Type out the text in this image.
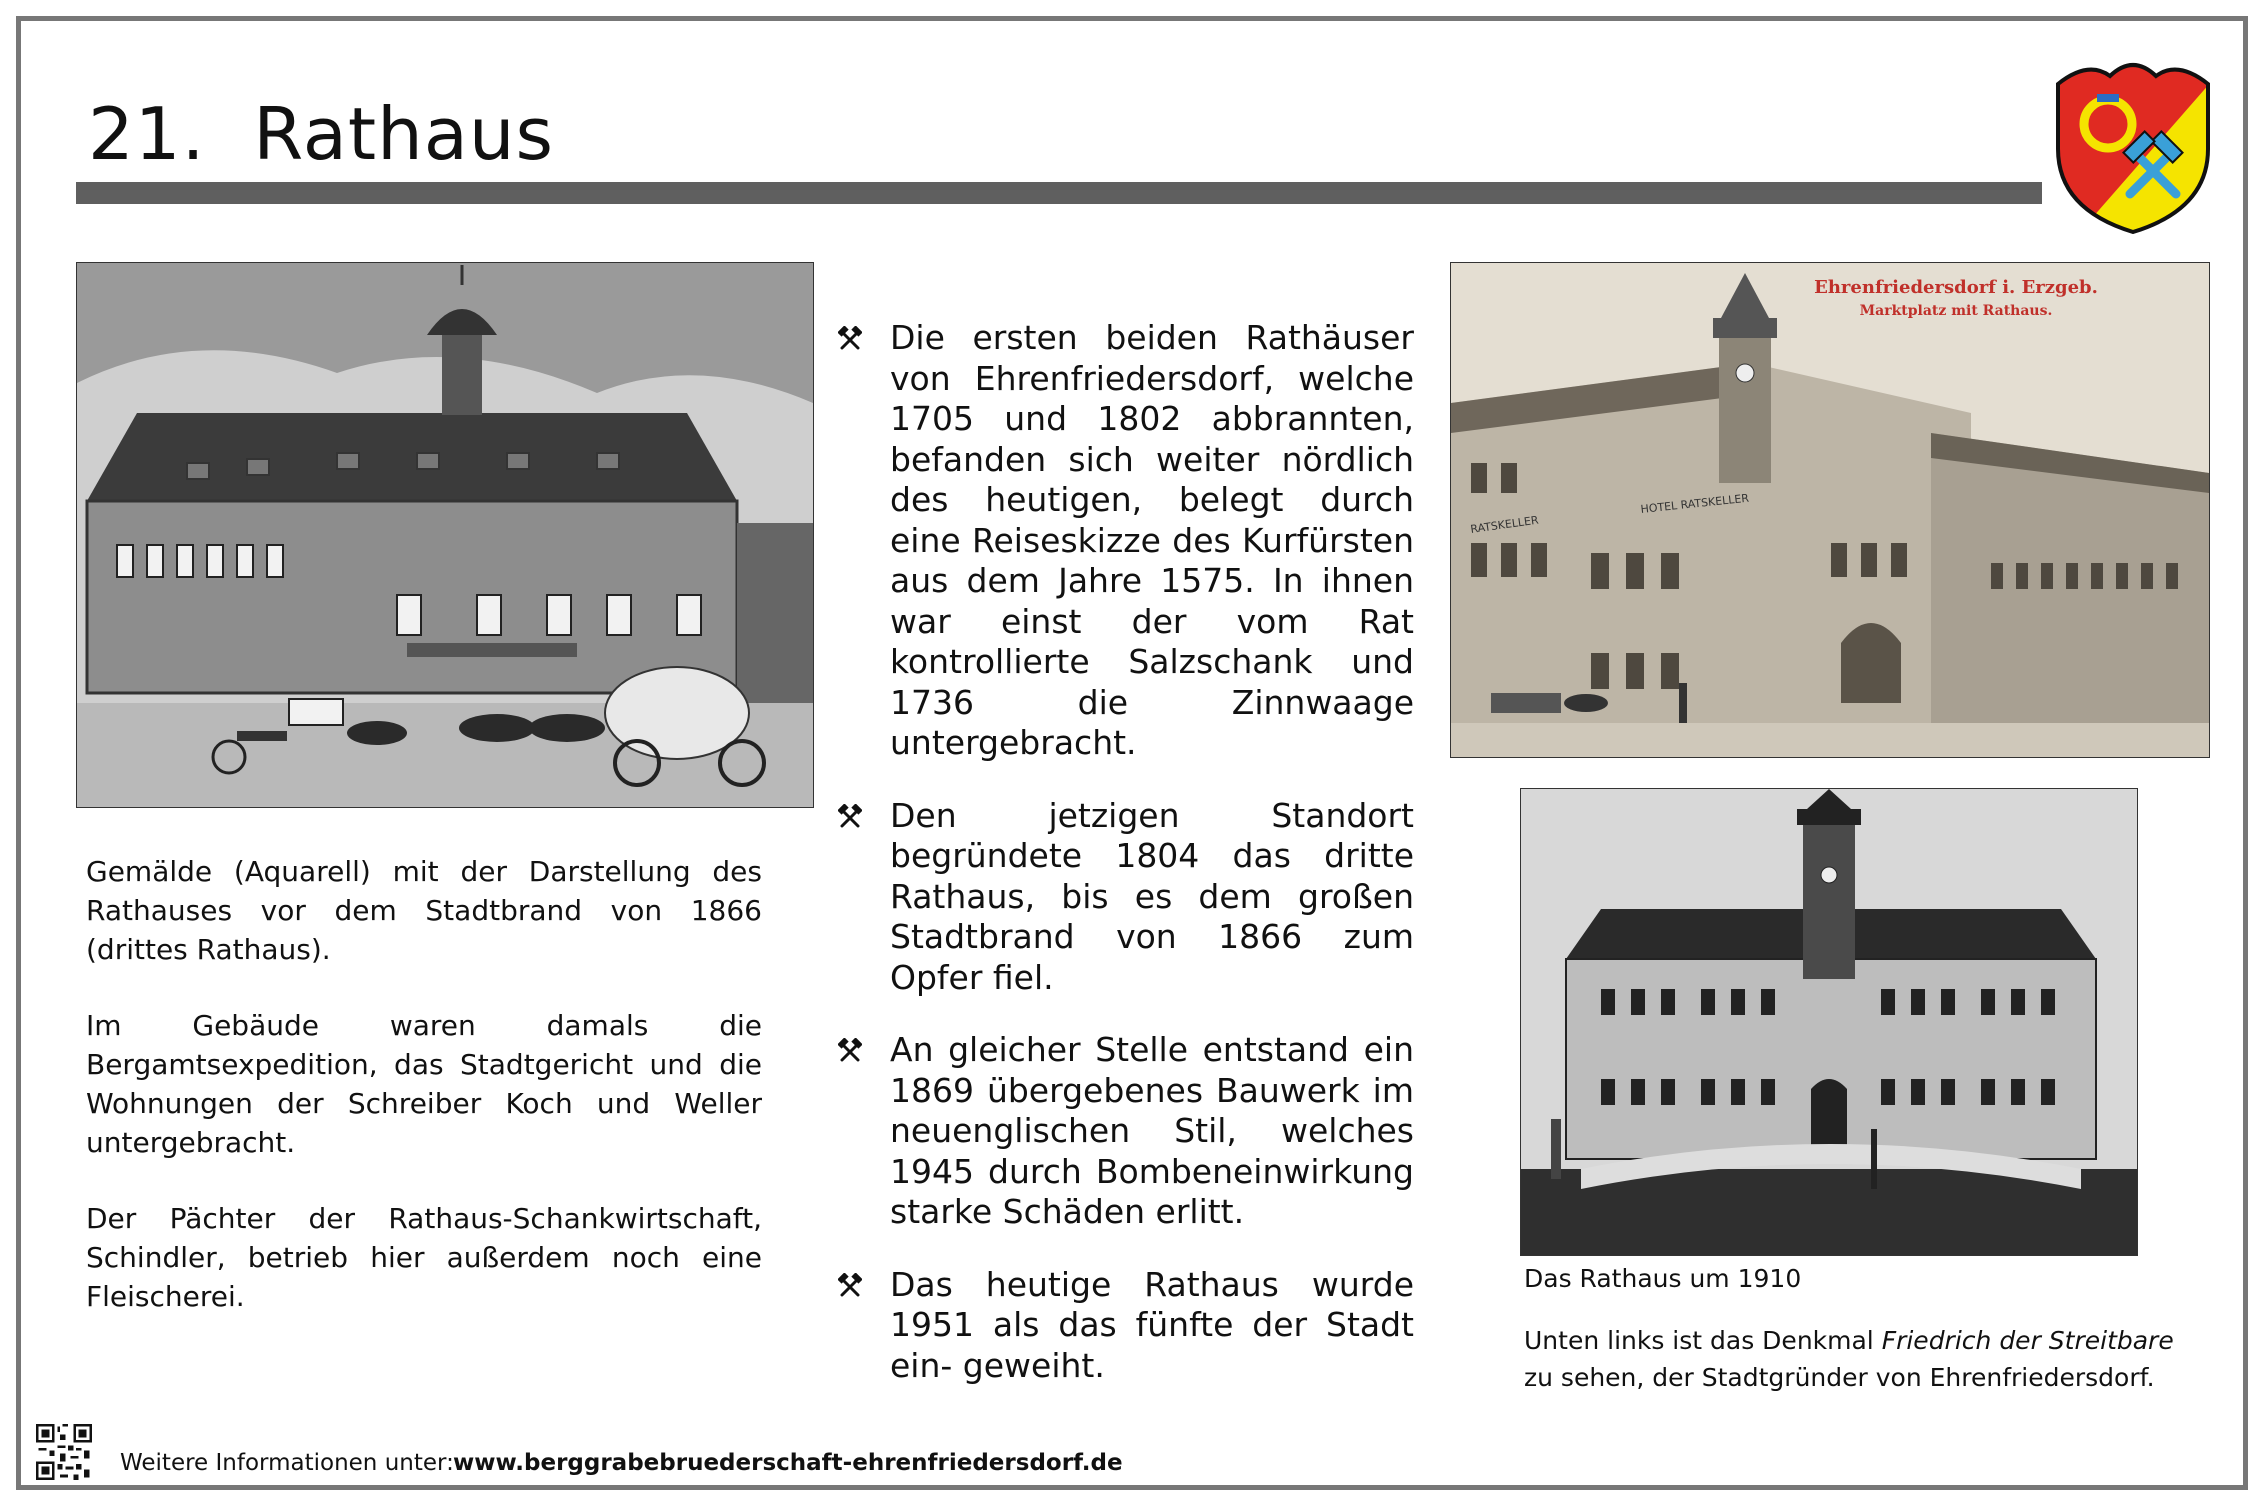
21.  Rathaus

Gemälde (Aquarell) mit der Darstellung des Rathauses vor dem Stadtbrand von 1866 (drittes Rathaus).

Im Gebäude waren damals die Bergamtsexpedition, das Stadtgericht und die Wohnungen der Schreiber Koch und Weller untergebracht.

Der Pächter der Rathaus-Schankwirtschaft, Schindler, betrieb hier außerdem noch eine Fleischerei.

Die ersten beiden Rathäuser von Ehrenfriedersdorf, welche 1705 und 1802 abbrannten, befanden sich weiter nördlich des heutigen, belegt durch eine Reiseskizze des Kurfürsten aus dem Jahre 1575. In ihnen war einst der vom Rat kontrollierte Salzschank und 1736 die Zinnwaage untergebracht.
Den jetzigen Standort begründete 1804 das dritte Rathaus, bis es dem großen Stadtbrand von 1866 zum Opfer fiel.
An gleicher Stelle entstand ein 1869 übergebenes Bauwerk im neuenglischen Stil, welches 1945 durch Bombeneinwirkung starke Schäden erlitt.
Das heutige Rathaus wurde 1951 als das fünfte der Stadt ein- geweiht.
Ehrenfriedersdorf i. Erzgeb.
Marktplatz mit Rathaus.
RATSKELLER
HOTEL RATSKELLER
Das Rathaus um 1910
Unten links ist das Denkmal Friedrich der Streitbare
zu sehen, der Stadtgründer von Ehrenfriedersdorf.
Weitere Informationen unter: www.berggrabebruederschaft-ehrenfriedersdorf.de
